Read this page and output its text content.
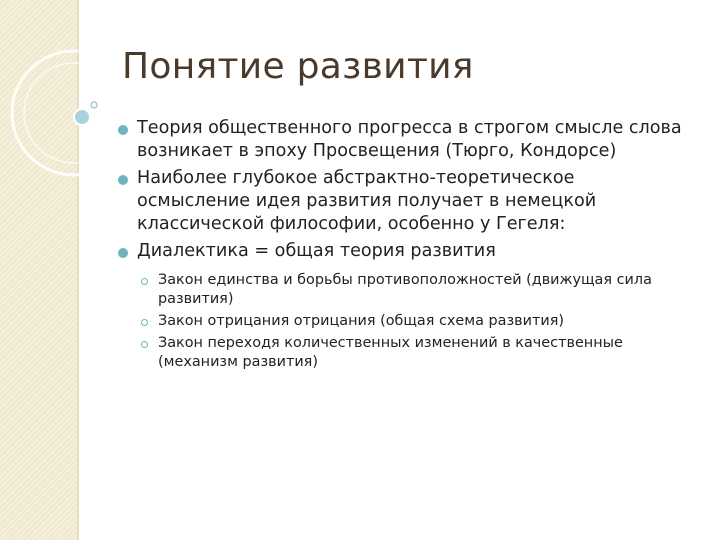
Понятие развития
Теория общественного прогресса в строгом смысле слова возникает в эпоху Просвещения (Тюрго, Кондорсе)
Наиболее глубокое абстрактно-теоретическое осмысление идея развития получает в немецкой классической философии, особенно у Гегеля:
Диалектика = общая теория развития
Закон единства и борьбы противоположностей (движущая сила развития)
Закон отрицания отрицания (общая схема развития)
Закон переходя количественных изменений в качественные (механизм развития)
